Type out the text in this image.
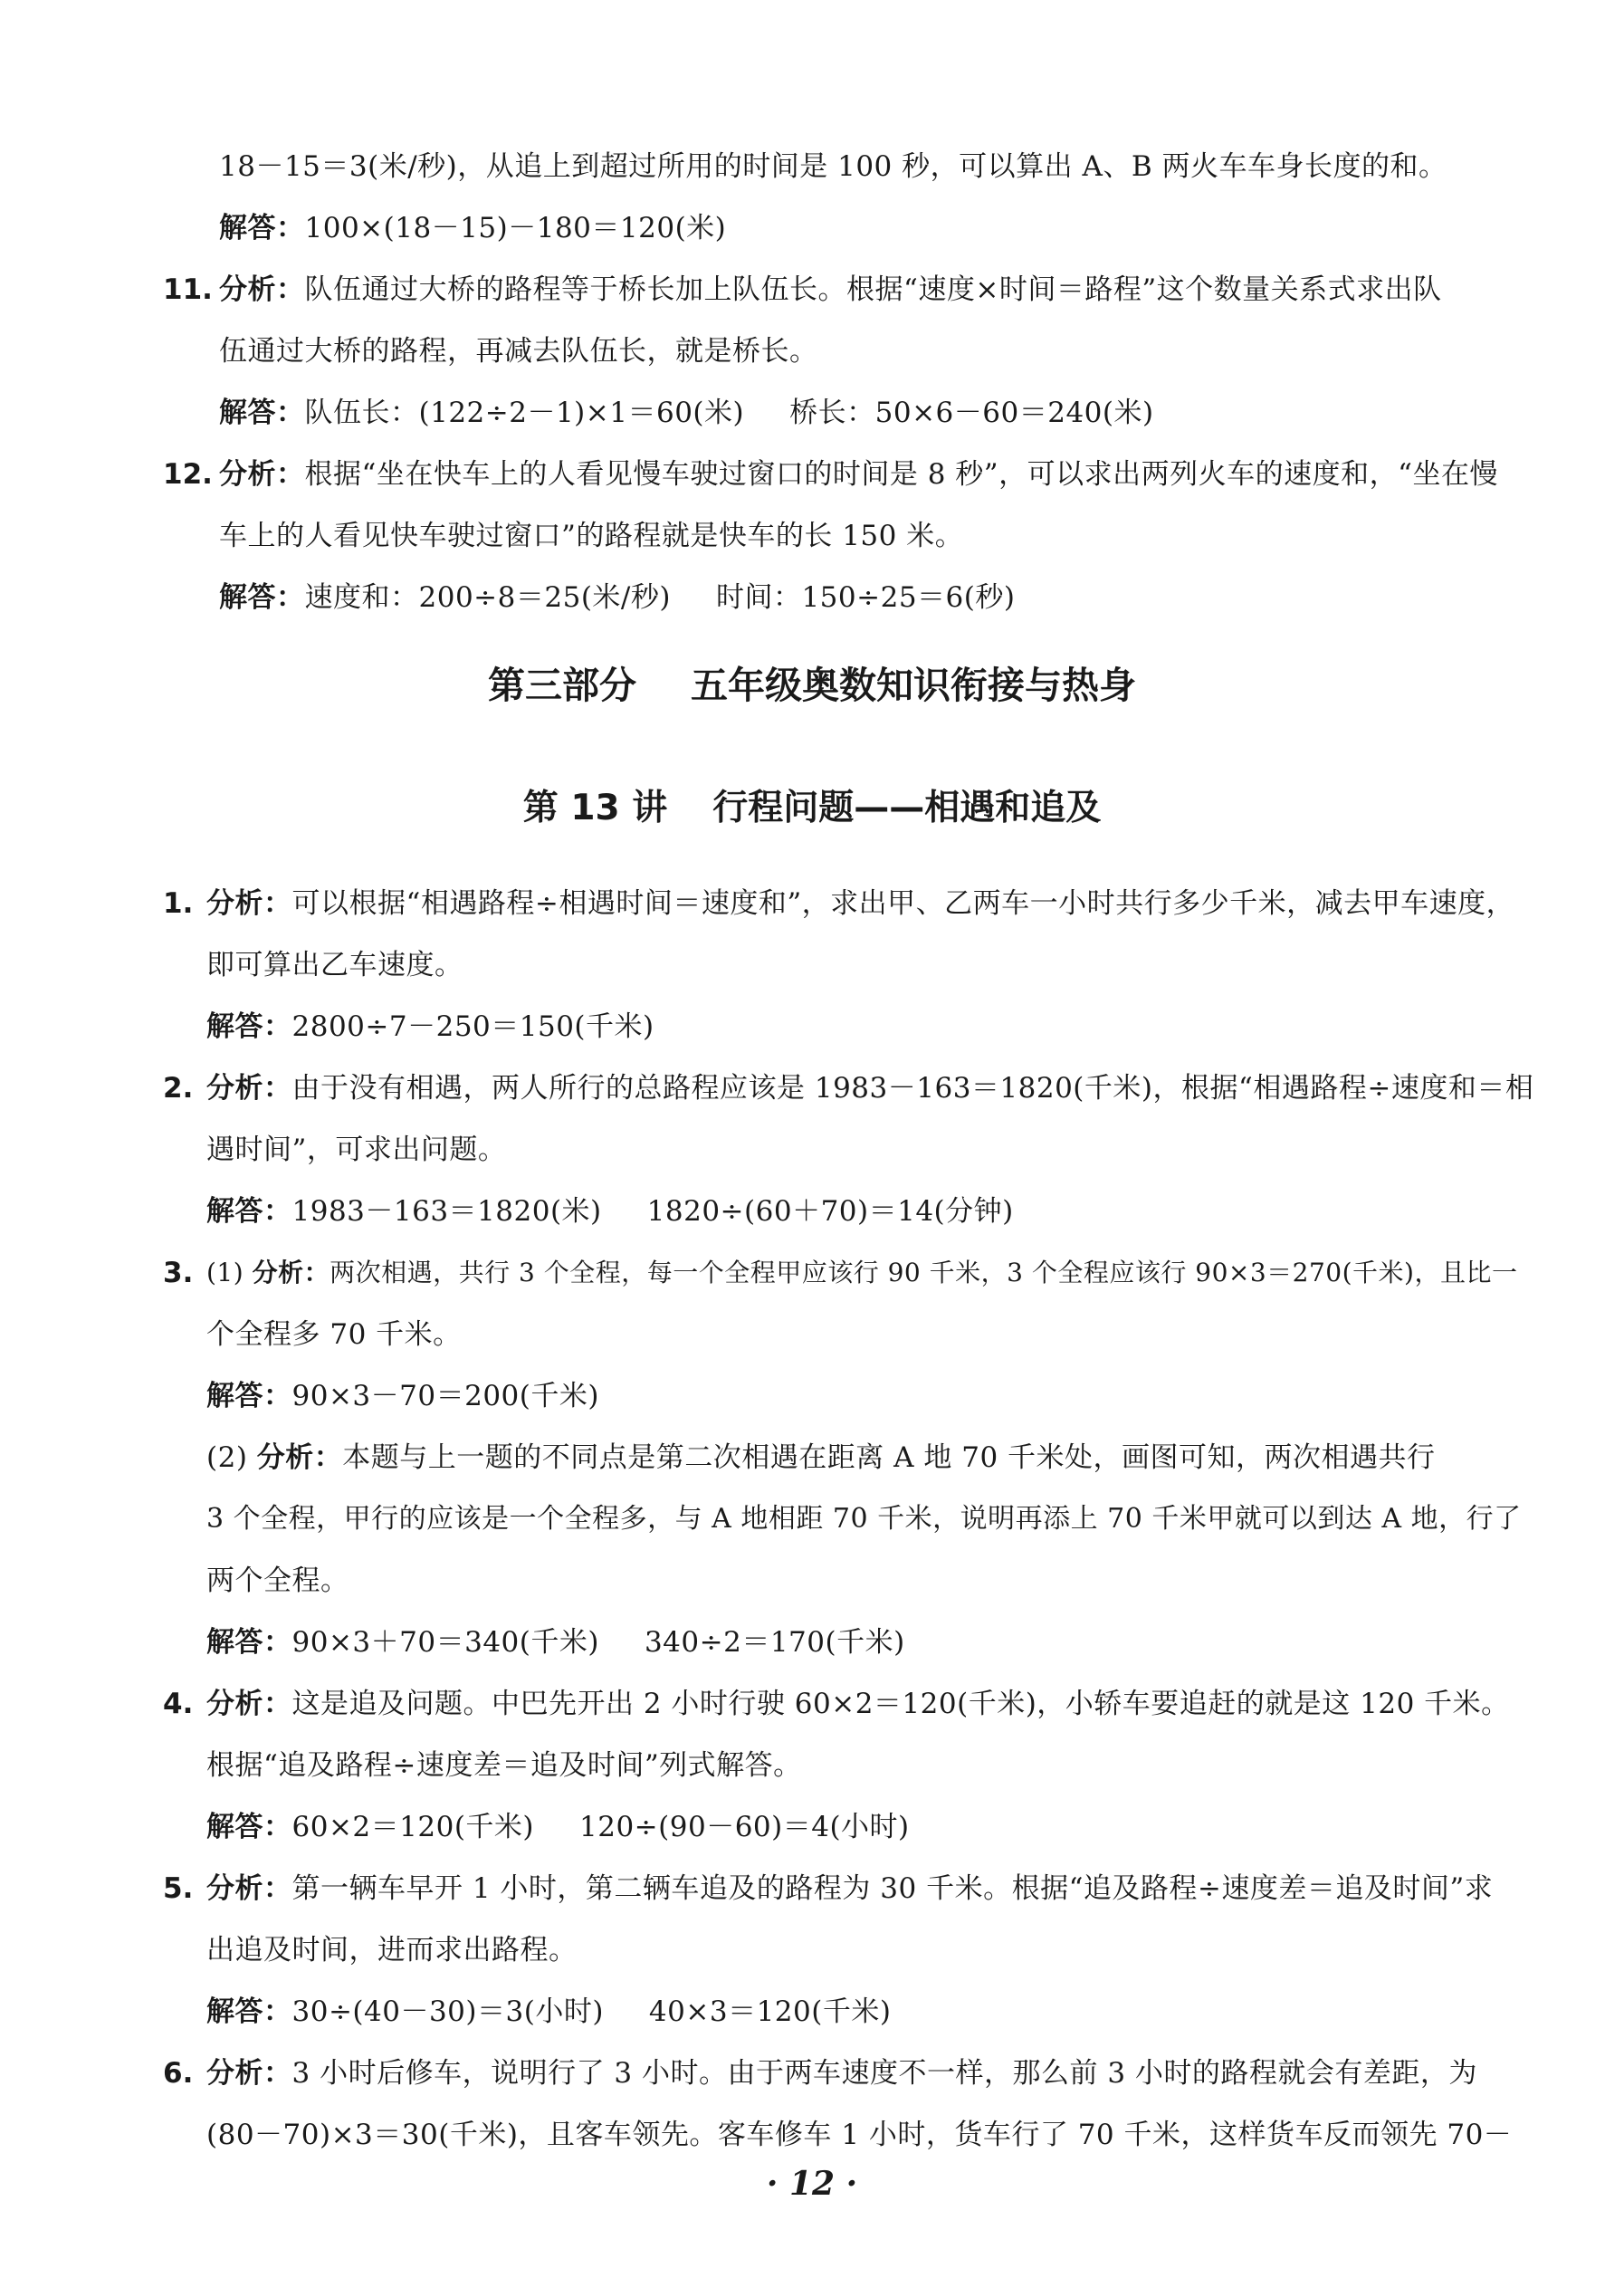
18－15＝3(米/秒)，从追上到超过所用的时间是 100 秒，可以算出 A、B 两火车车身长度的和。
解答：100×(18－15)－180＝120(米)
11. 分析：队伍通过大桥的路程等于桥长加上队伍长。根据“速度×时间＝路程”这个数量关系式求出队
伍通过大桥的路程，再减去队伍长，就是桥长。
解答：队伍长：(122÷2－1)×1＝60(米) 桥长：50×6－60＝240(米)
12. 分析：根据“坐在快车上的人看见慢车驶过窗口的时间是 8 秒”，可以求出两列火车的速度和，“坐在慢
车上的人看见快车驶过窗口”的路程就是快车的长 150 米。
解答：速度和：200÷8＝25(米/秒) 时间：150÷25＝6(秒)
第三部分 五年级奥数知识衔接与热身
第 13 讲 行程问题——相遇和追及
1. 分析：可以根据“相遇路程÷相遇时间＝速度和”，求出甲、乙两车一小时共行多少千米，减去甲车速度，
即可算出乙车速度。
解答：2800÷7－250＝150(千米)
2. 分析：由于没有相遇，两人所行的总路程应该是 1983－163＝1820(千米)，根据“相遇路程÷速度和＝相
遇时间”，可求出问题。
解答：1983－163＝1820(米) 1820÷(60＋70)＝14(分钟)
3. (1) 分析：两次相遇，共行 3 个全程，每一个全程甲应该行 90 千米，3 个全程应该行 90×3＝270(千米)，且比一
个全程多 70 千米。
解答：90×3－70＝200(千米)
(2) 分析：本题与上一题的不同点是第二次相遇在距离 A 地 70 千米处，画图可知，两次相遇共行
3 个全程，甲行的应该是一个全程多，与 A 地相距 70 千米，说明再添上 70 千米甲就可以到达 A 地，行了
两个全程。
解答：90×3＋70＝340(千米) 340÷2＝170(千米)
4. 分析：这是追及问题。中巴先开出 2 小时行驶 60×2＝120(千米)，小轿车要追赶的就是这 120 千米。
根据“追及路程÷速度差＝追及时间”列式解答。
解答：60×2＝120(千米) 120÷(90－60)＝4(小时)
5. 分析：第一辆车早开 1 小时，第二辆车追及的路程为 30 千米。根据“追及路程÷速度差＝追及时间”求
出追及时间，进而求出路程。
解答：30÷(40－30)＝3(小时) 40×3＝120(千米)
6. 分析：3 小时后修车，说明行了 3 小时。由于两车速度不一样，那么前 3 小时的路程就会有差距，为
(80－70)×3＝30(千米)，且客车领先。客车修车 1 小时，货车行了 70 千米，这样货车反而领先 70－
· 12 ·
